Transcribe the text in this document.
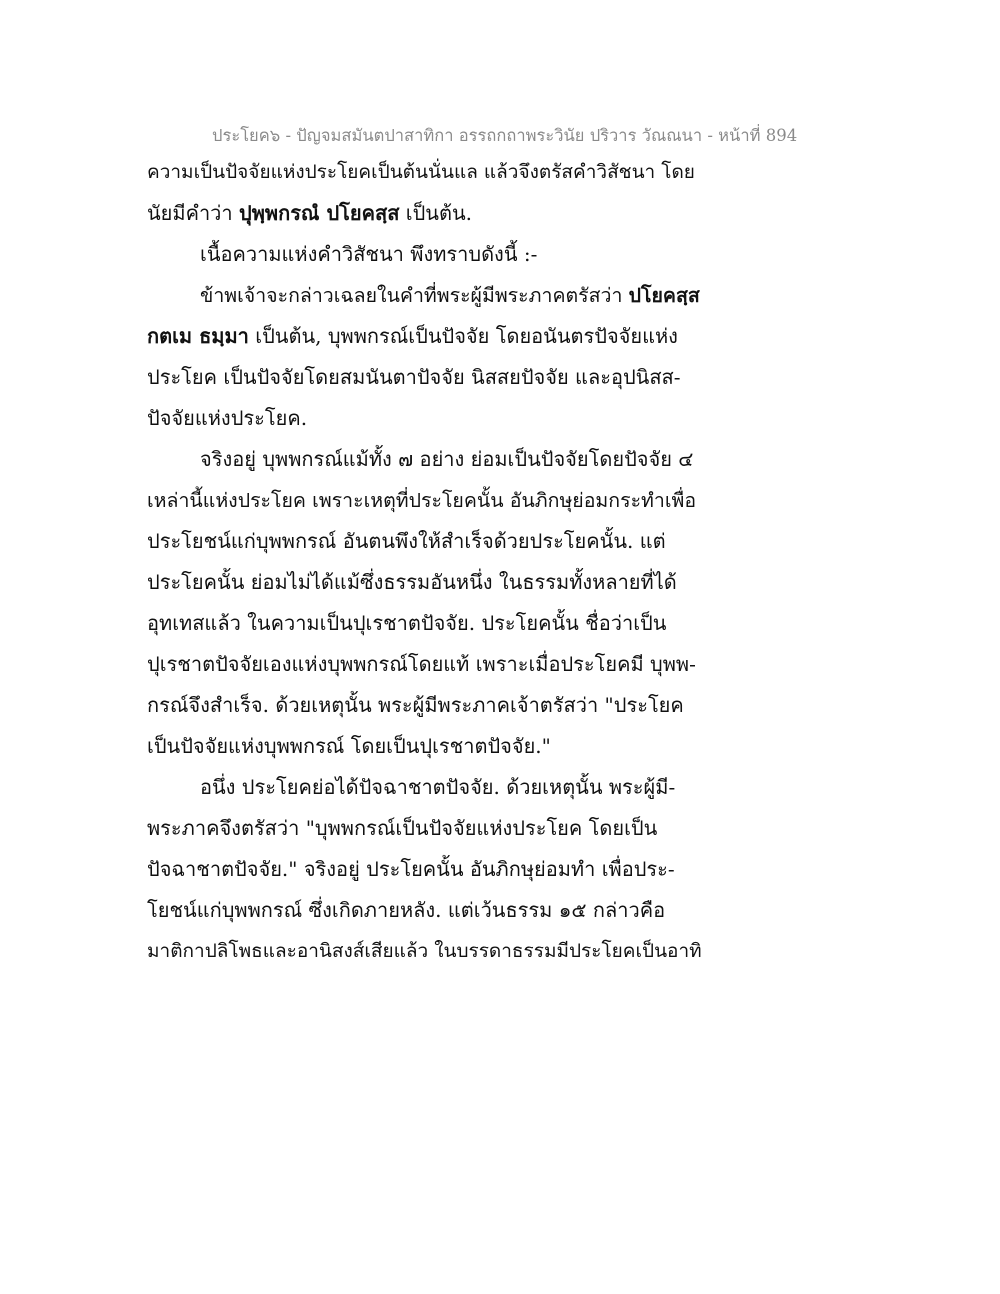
ประโยค๖ - ปัญจมสมันตปาสาทิกา อรรถกถาพระวินัย ปริวาร วัณณนา - หน้าที่ 894
ความเป็นปัจจัยแห่งประโยคเป็นต้นนั่นแล แล้วจึงตรัสคำวิสัชนา โดย
นัยมีคำว่า ปุพฺพกรณํ ปโยคสฺส เป็นต้น.
เนื้อความแห่งคำวิสัชนา พึงทราบดังนี้ :-
ข้าพเจ้าจะกล่าวเฉลยในคำที่พระผู้มีพระภาคตรัสว่า ปโยคสฺส
กตเม ธมฺมา เป็นต้น, บุพพกรณ์เป็นปัจจัย โดยอนันตรปัจจัยแห่ง
ประโยค เป็นปัจจัยโดยสมนันตาปัจจัย นิสสยปัจจัย และอุปนิสส-
ปัจจัยแห่งประโยค.
จริงอยู่ บุพพกรณ์แม้ทั้ง ๗ อย่าง ย่อมเป็นปัจจัยโดยปัจจัย ๔
เหล่านี้แห่งประโยค เพราะเหตุที่ประโยคนั้น อันภิกษุย่อมกระทำเพื่อ
ประโยชน์แก่บุพพกรณ์ อันตนพึงให้สำเร็จด้วยประโยคนั้น. แต่
ประโยคนั้น ย่อมไม่ได้แม้ซึ่งธรรมอันหนึ่ง ในธรรมทั้งหลายที่ได้
อุทเทสแล้ว ในความเป็นปุเรชาตปัจจัย. ประโยคนั้น ชื่อว่าเป็น
ปุเรชาตปัจจัยเองแห่งบุพพกรณ์โดยแท้ เพราะเมื่อประโยคมี บุพพ-
กรณ์จึงสำเร็จ. ด้วยเหตุนั้น พระผู้มีพระภาคเจ้าตรัสว่า "ประโยค
เป็นปัจจัยแห่งบุพพกรณ์ โดยเป็นปุเรชาตปัจจัย."
อนึ่ง ประโยคย่อได้ปัจฉาชาตปัจจัย. ด้วยเหตุนั้น พระผู้มี-
พระภาคจึงตรัสว่า "บุพพกรณ์เป็นปัจจัยแห่งประโยค โดยเป็น
ปัจฉาชาตปัจจัย." จริงอยู่ ประโยคนั้น อันภิกษุย่อมทำ เพื่อประ-
โยชน์แก่บุพพกรณ์ ซึ่งเกิดภายหลัง. แต่เว้นธรรม ๑๕ กล่าวคือ
มาติกาปลิโพธและอานิสงส์เสียแล้ว ในบรรดาธรรมมีประโยคเป็นอาทิ
